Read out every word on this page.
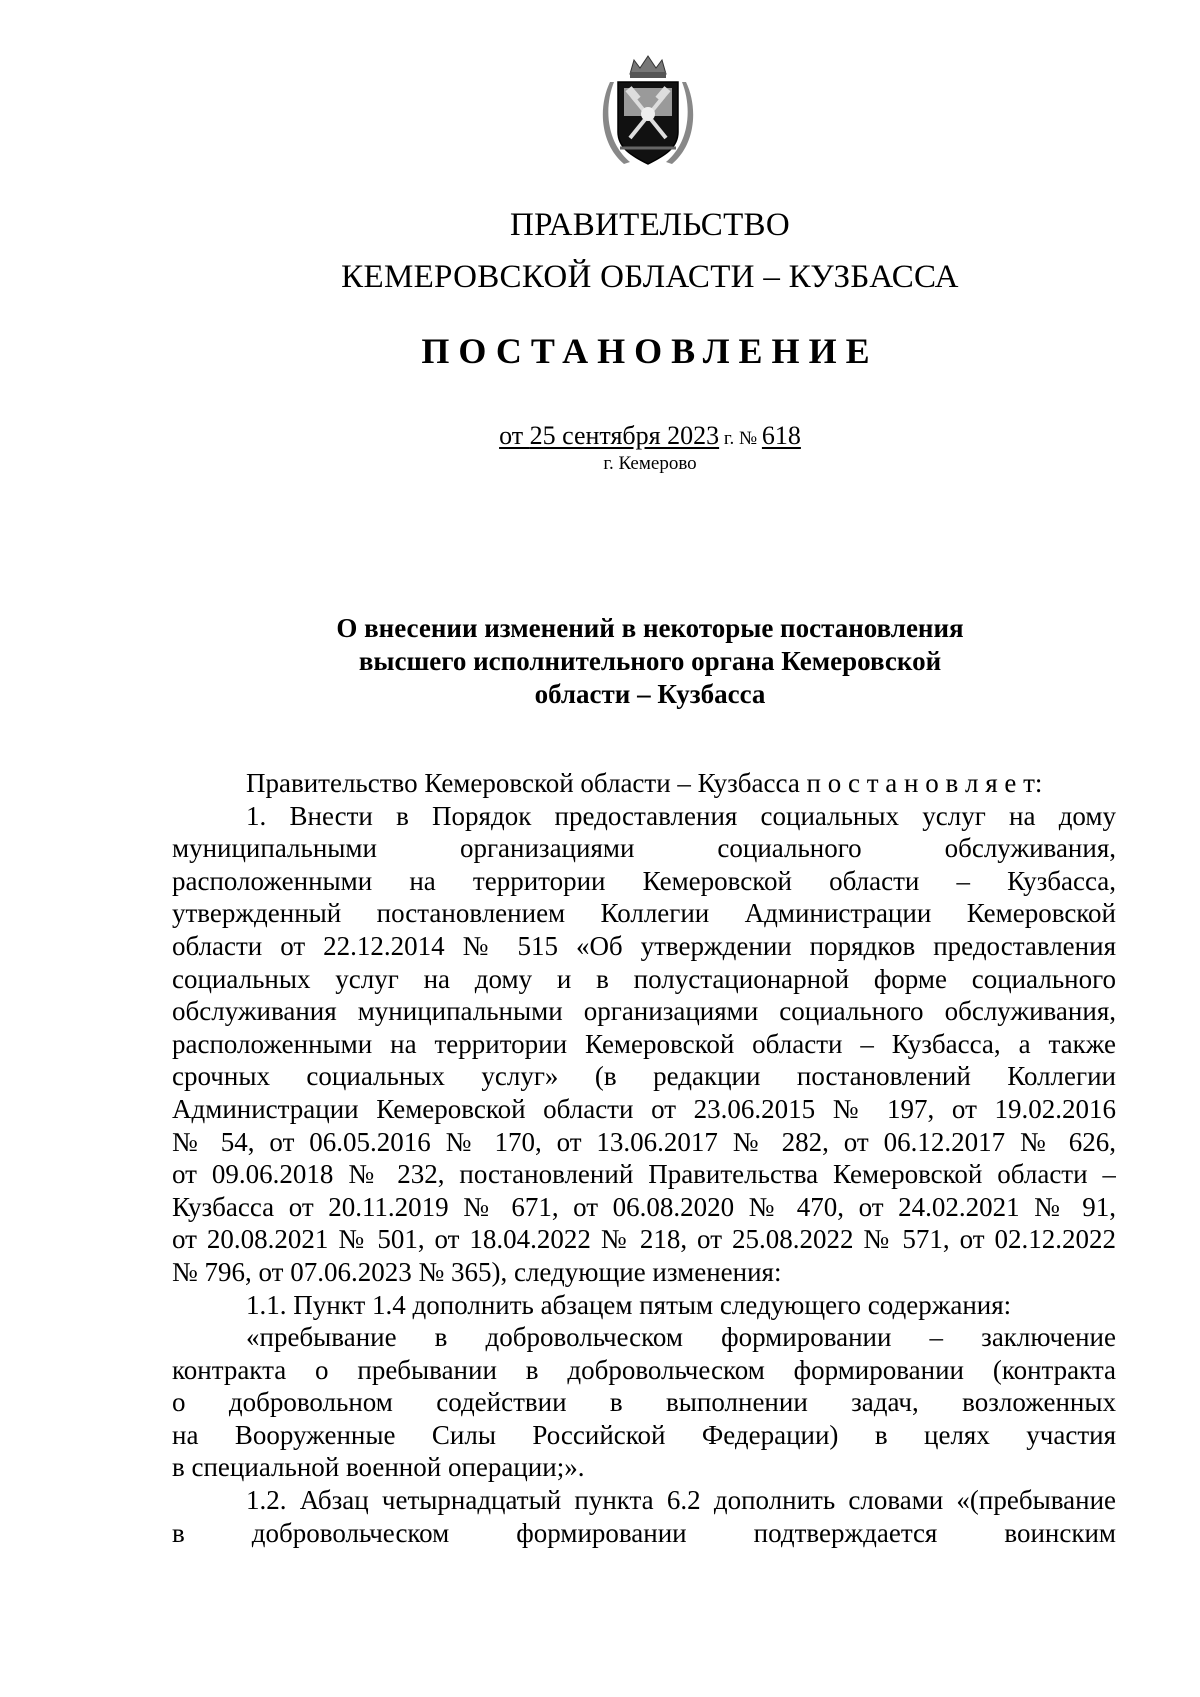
ПРАВИТЕЛЬСТВО
КЕМЕРОВСКОЙ ОБЛАСТИ – КУЗБАССА
ПОСТАНОВЛЕНИЕ
от 25 сентября 2023 г. № 618
г. Кемерово
О внесении изменений в некоторые постановления
высшего исполнительного органа Кемеровской
области – Кузбасса
Правительство Кемеровской области – Кузбасса п о с т а н о в л я е т:
1. Внести в Порядок предоставления социальных услуг на дому
муниципальными организациями социального обслуживания,
расположенными на территории Кемеровской области – Кузбасса,
утвержденный постановлением Коллегии Администрации Кемеровской
области от 22.12.2014 № 515 «Об утверждении порядков предоставления
социальных услуг на дому и в полустационарной форме социального
обслуживания муниципальными организациями социального обслуживания,
расположенными на территории Кемеровской области – Кузбасса, а также
срочных социальных услуг» (в редакции постановлений Коллегии
Администрации Кемеровской области от 23.06.2015 № 197, от 19.02.2016
№ 54, от 06.05.2016 № 170, от 13.06.2017 № 282, от 06.12.2017 № 626,
от 09.06.2018 № 232, постановлений Правительства Кемеровской области –
Кузбасса от 20.11.2019 № 671, от 06.08.2020 № 470, от 24.02.2021 № 91,
от 20.08.2021 № 501, от 18.04.2022 № 218, от 25.08.2022 № 571, от 02.12.2022
№ 796, от 07.06.2023 № 365), следующие изменения:
1.1. Пункт 1.4 дополнить абзацем пятым следующего содержания:
«пребывание в добровольческом формировании – заключение
контракта о пребывании в добровольческом формировании (контракта
о добровольном содействии в выполнении задач, возложенных
на Вооруженные Силы Российской Федерации) в целях участия
в специальной военной операции;».
1.2. Абзац четырнадцатый пункта 6.2 дополнить словами «(пребывание
в добровольческом формировании подтверждается воинским
